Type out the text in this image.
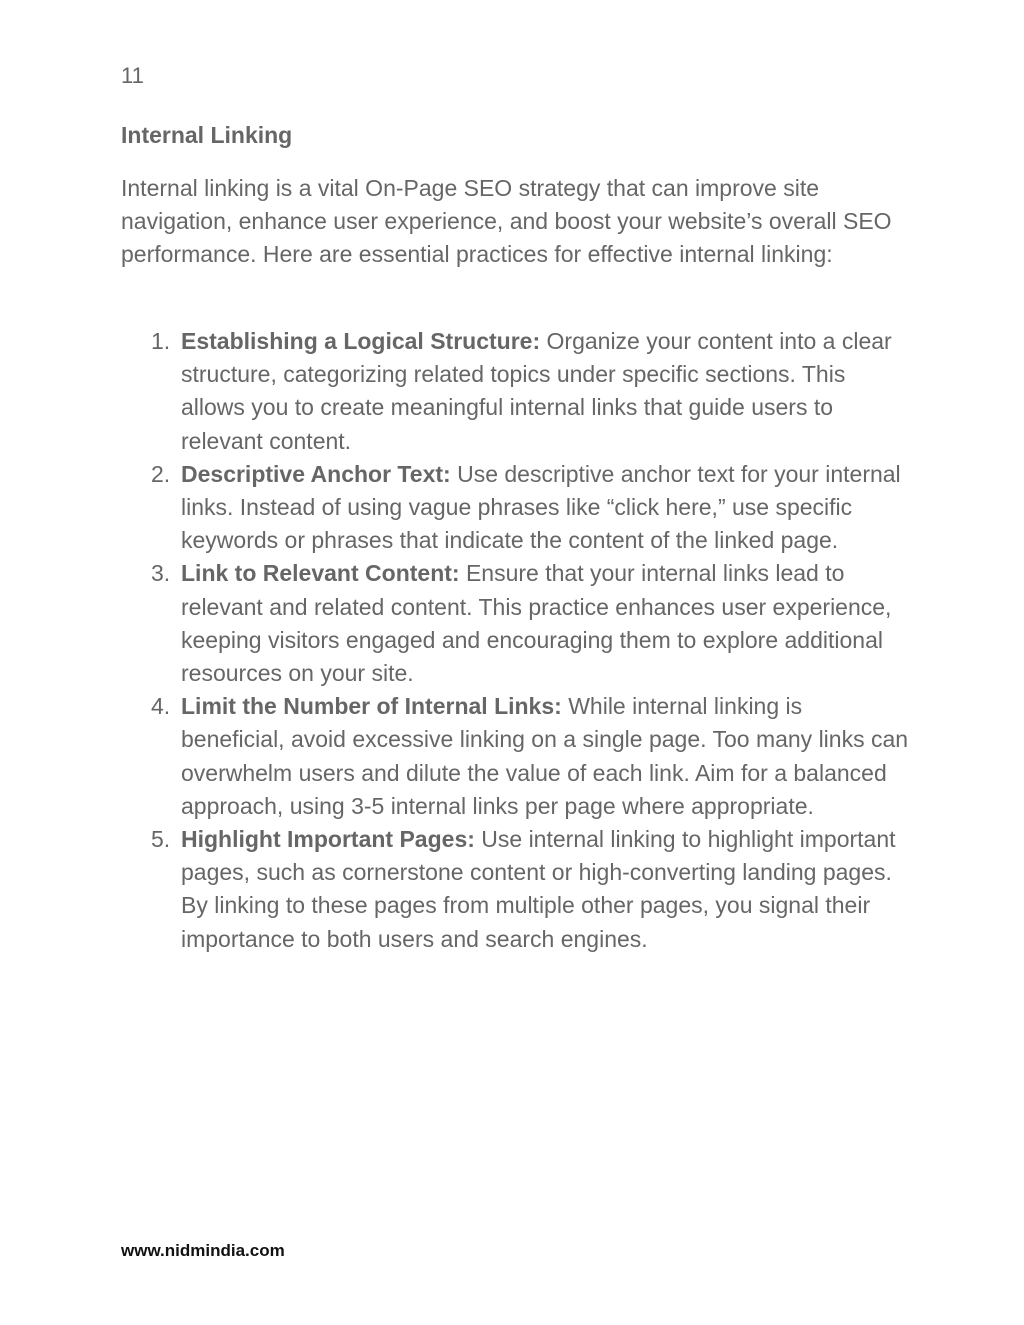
11
Internal Linking

Internal linking is a vital On-Page SEO strategy that can improve site navigation, enhance user experience, and boost your website’s overall SEO performance. Here are essential practices for effective internal linking:

1. Establishing a Logical Structure: Organize your content into a clear structure, categorizing related topics under specific sections. This allows you to create meaningful internal links that guide users to relevant content.
2. Descriptive Anchor Text: Use descriptive anchor text for your internal links. Instead of using vague phrases like “click here,” use specific keywords or phrases that indicate the content of the linked page.
3. Link to Relevant Content: Ensure that your internal links lead to relevant and related content. This practice enhances user experience, keeping visitors engaged and encouraging them to explore additional resources on your site.
4. Limit the Number of Internal Links: While internal linking is beneficial, avoid excessive linking on a single page. Too many links can overwhelm users and dilute the value of each link. Aim for a balanced approach, using 3-5 internal links per page where appropriate.
5. Highlight Important Pages: Use internal linking to highlight important pages, such as cornerstone content or high-converting landing pages. By linking to these pages from multiple other pages, you signal their importance to both users and search engines.
www.nidmindia.com
